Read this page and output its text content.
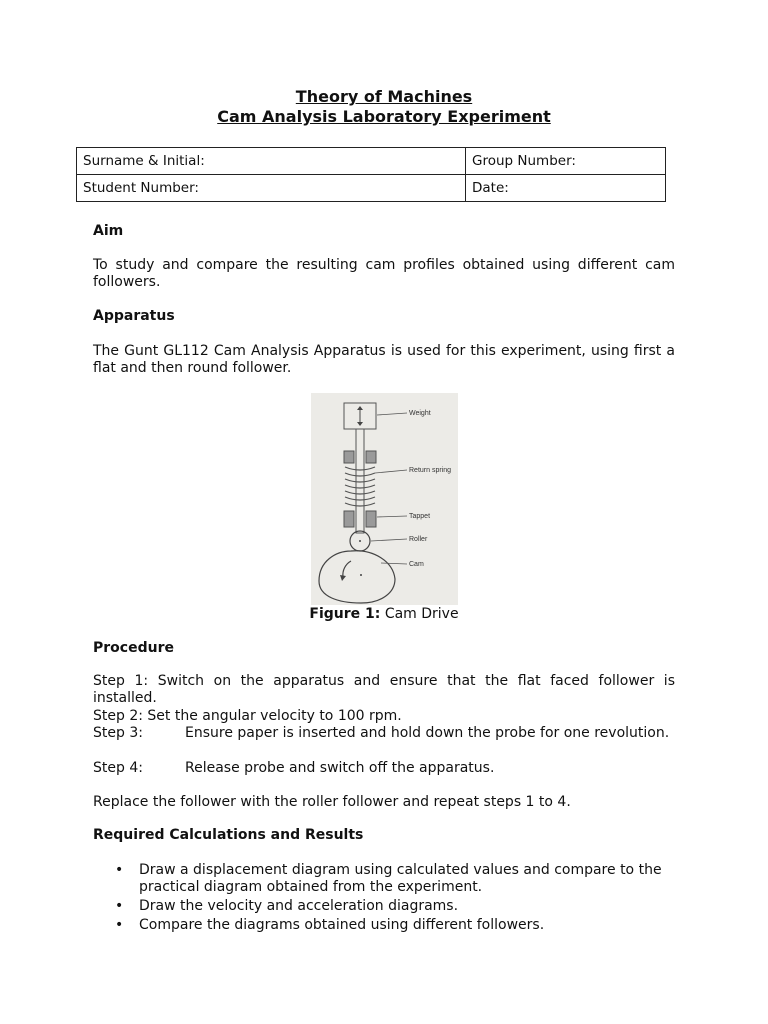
Theory of Machines
Cam Analysis Laboratory Experiment
Surname & Initial:	Group Number:
Student Number:	Date:
Aim
To study and compare the resulting cam profiles obtained using different cam followers.
Apparatus
The Gunt GL112 Cam Analysis Apparatus is used for this experiment, using first a flat and then round follower.
Weight
Return spring
Tappet
Roller
Cam
Figure 1: Cam Drive
Procedure
Step 1: Switch on the apparatus and ensure that the flat faced follower is installed.
Step 2: Set the angular velocity to 100 rpm.
Step 3:	Ensure paper is inserted and hold down the probe for one revolution.
Step 4:	Release probe and switch off the apparatus.
Replace the follower with the roller follower and repeat steps 1 to 4.
Required Calculations and Results
• Draw a displacement diagram using calculated values and compare to the practical diagram obtained from the experiment.
• Draw the velocity and acceleration diagrams.
• Compare the diagrams obtained using different followers.
